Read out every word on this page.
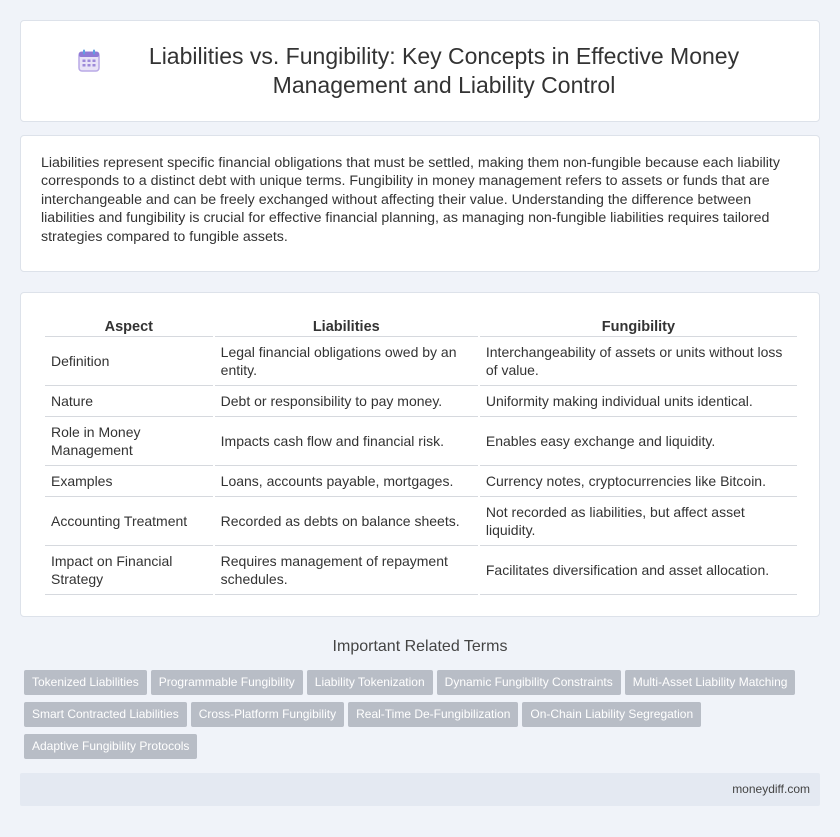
Liabilities vs. Fungibility: Key Concepts in Effective Money Management and Liability Control

Liabilities represent specific financial obligations that must be settled, making them non-fungible because each liability corresponds to a distinct debt with unique terms. Fungibility in money management refers to assets or funds that are interchangeable and can be freely exchanged without affecting their value. Understanding the difference between liabilities and fungibility is crucial for effective financial planning, as managing non-fungible liabilities requires tailored strategies compared to fungible assets.

Aspect	Liabilities	Fungibility
Definition	Legal financial obligations owed by an entity.	Interchangeability of assets or units without loss of value.
Nature	Debt or responsibility to pay money.	Uniformity making individual units identical.
Role in Money Management	Impacts cash flow and financial risk.	Enables easy exchange and liquidity.
Examples	Loans, accounts payable, mortgages.	Currency notes, cryptocurrencies like Bitcoin.
Accounting Treatment	Recorded as debts on balance sheets.	Not recorded as liabilities, but affect asset liquidity.
Impact on Financial Strategy	Requires management of repayment schedules.	Facilitates diversification and asset allocation.
Important Related Terms
Tokenized Liabilities	Programmable Fungibility	Liability Tokenization	Dynamic Fungibility Constraints	Multi-Asset Liability Matching
Smart Contracted Liabilities	Cross-Platform Fungibility	Real-Time De-Fungibilization	On-Chain Liability Segregation
Adaptive Fungibility Protocols
moneydiff.com
